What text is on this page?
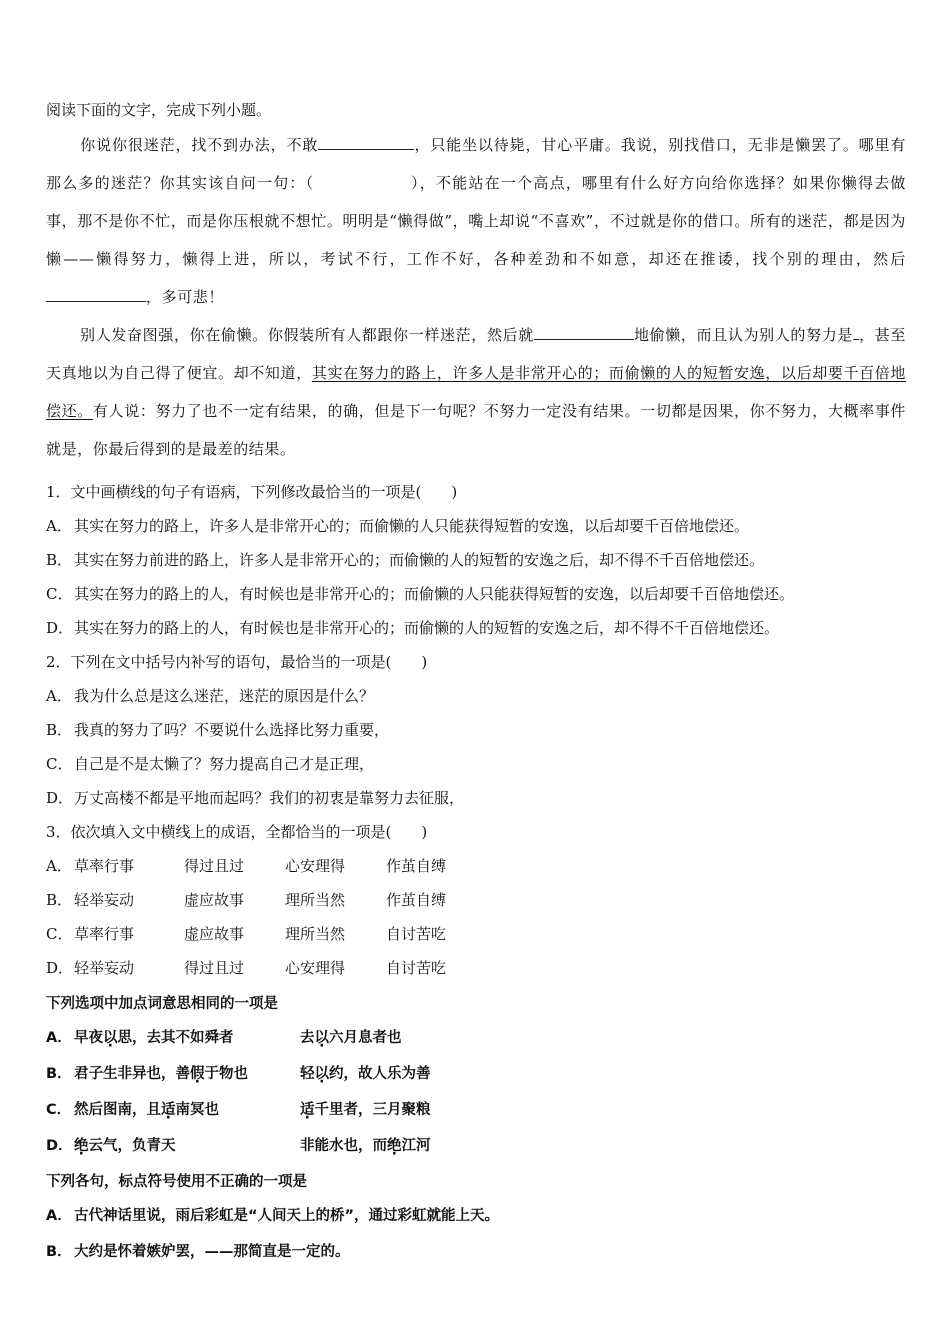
阅读下面的文字，完成下列小题。

你说你很迷茫，找不到办法，不敢	，只能坐以待毙，甘心平庸。我说，别找借口，无非是懒罢了。哪里有那么多的迷茫？你其实该自问一句：（	），不能站在一个高点，哪里有什么好方向给你选择？如果你懒得去做事，那不是你不忙，而是你压根就不想忙。明明是“懒得做”，嘴上却说“不喜欢”，不过就是你的借口。所有的迷茫，都是因为懒——懒得努力，懒得上进，所以，考试不行，工作不好，各种差劲和不如意，却还在推诿，找个别的理由，然后，多可悲！

别人发奋图强，你在偷懒。你假装所有人都跟你一样迷茫，然后就	地偷懒，而且认为别人的努力是 ，甚至天真地以为自己得了便宜。却不知道，其实在努力的路上，许多人是非常开心的；而偷懒的人的短暂安逸，以后却要千百倍地偿还。有人说：努力了也不一定有结果，的确，但是下一句呢？不努力一定没有结果。一切都是因果，你不努力，大概率事件就是，你最后得到的是最差的结果。

1．文中画横线的句子有语病，下列修改最恰当的一项是(　　)
A． 其实在努力的路上，许多人是非常开心的；而偷懒的人只能获得短暂的安逸，以后却要千百倍地偿还。
B． 其实在努力前进的路上，许多人是非常开心的；而偷懒的人的短暂的安逸之后，却不得不千百倍地偿还。
C． 其实在努力的路上的人，有时候也是非常开心的；而偷懒的人只能获得短暂的安逸，以后却要千百倍地偿还。
D．其实在努力的路上的人，有时候也是非常开心的；而偷懒的人的短暂的安逸之后，却不得不千百倍地偿还。
2．下列在文中括号内补写的语句，最恰当的一项是(　　)
A． 我为什么总是这么迷茫，迷茫的原因是什么？
B． 我真的努力了吗？不要说什么选择比努力重要，
C． 自己是不是太懒了？努力提高自己才是正理，
D．万丈高楼不都是平地而起吗？我们的初衷是靠努力去征服，
3．依次填入文中横线上的成语，全都恰当的一项是(　　)
A． 草率行事	得过且过	心安理得	作茧自缚
B． 轻举妄动	虚应故事	理所当然	作茧自缚
C． 草率行事	虚应故事	理所当然	自讨苦吃
D．轻举妄动	得过且过	心安理得	自讨苦吃
下列选项中加点词意思相同的一项是
A． 早夜以思，去其不如舜者	去以六月息者也
B． 君子生非异也，善假于物也	轻以约，故人乐为善
C． 然后图南，且适南冥也	适千里者，三月聚粮
D．绝云气，负青天	非能水也，而绝江河
下列各句，标点符号使用不正确的一项是
A． 古代神话里说，雨后彩虹是“人间天上的桥”，通过彩虹就能上天。
B． 大约是怀着嫉妒罢，——那简直是一定的。
